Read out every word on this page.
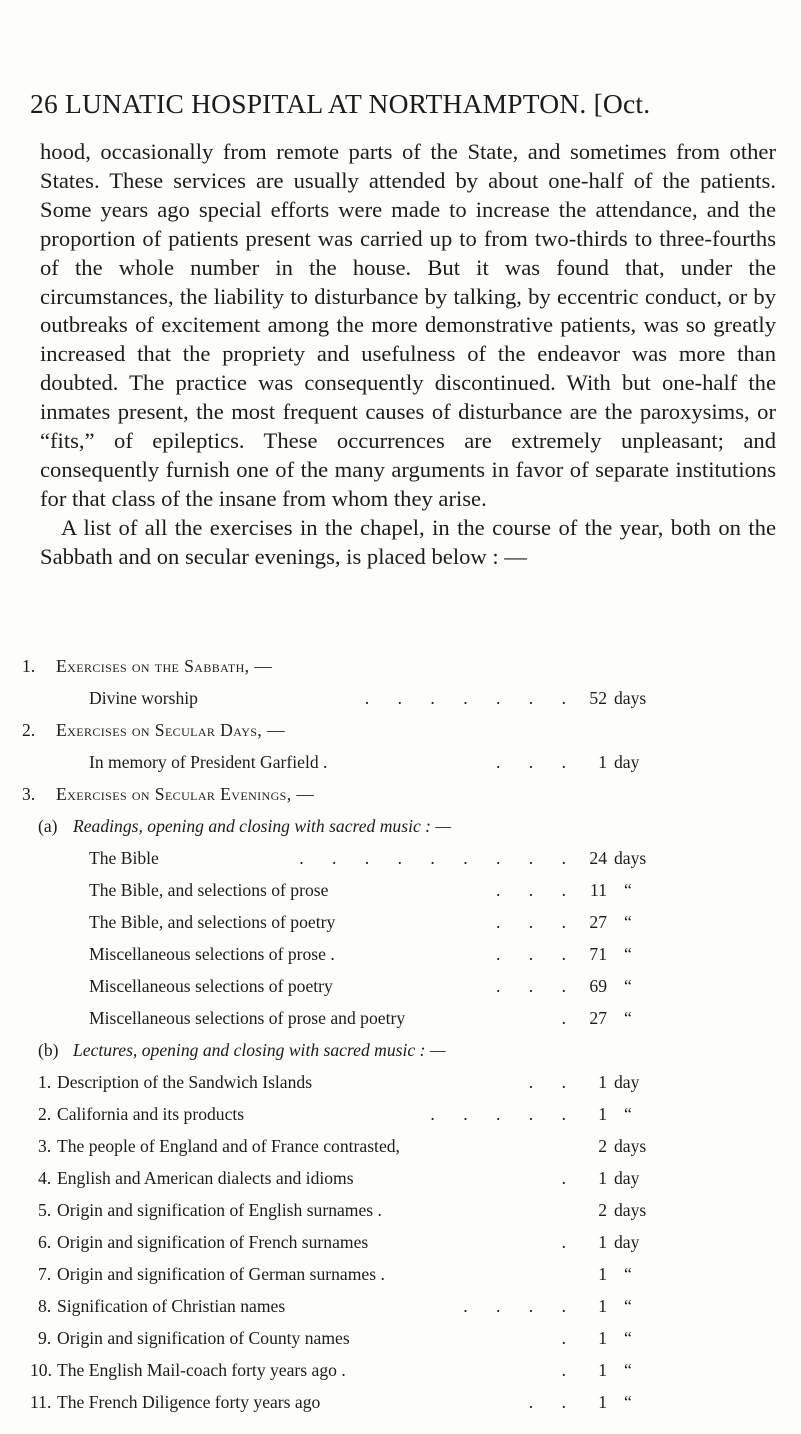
26 LUNATIC HOSPITAL AT NORTHAMPTON. [Oct.

hood, occasionally from remote parts of the State, and sometimes from other States. These services are usually attended by about one-half of the patients. Some years ago special efforts were made to increase the attendance, and the proportion of patients present was carried up to from two-thirds to three-fourths of the whole number in the house. But it was found that, under the circumstances, the liability to disturbance by talking, by eccentric conduct, or by outbreaks of excitement among the more demonstrative patients, was so greatly increased that the propriety and usefulness of the endeavor was more than doubted. The practice was consequently discontinued. With but one-half the inmates present, the most frequent causes of disturbance are the paroxysims, or “fits,” of epileptics. These occurrences are extremely unpleasant; and consequently furnish one of the many arguments in favor of separate institutions for that class of the insane from whom they arise.

A list of all the exercises in the chapel, in the course of the year, both on the Sabbath and on secular evenings, is placed below : —

1. Exercises on the Sabbath, —
Divine worship	52 days
. . . . . . .
2. Exercises on Secular Days, —
In memory of President Garfield .	1 day
. . .
3. Exercises on Secular Evenings, —
(a) Readings, opening and closing with sacred music : —
The Bible	24 days
. . . . . . . . .
The Bible, and selections of prose	11 “
. . .
The Bible, and selections of poetry	27 “
. . .
Miscellaneous selections of prose .	71 “
. . .
Miscellaneous selections of poetry	69 “
. . .
Miscellaneous selections of prose and poetry	27 “
.
(b) Lectures, opening and closing with sacred music : —
1. Description of the Sandwich Islands	1 day
. .
2. California and its products	1 “
. . . . .
3. The people of England and of France contrasted,	2 days
4. English and American dialects and idioms	1 day
.
5. Origin and signification of English surnames .	2 days
6. Origin and signification of French surnames	1 day
.
7. Origin and signification of German surnames .	1 “
8. Signification of Christian names	1 “
. . . .
9. Origin and signification of County names	1 “
.
10. The English Mail-coach forty years ago .	1 “
.
11. The French Diligence forty years ago	1 “
. .
